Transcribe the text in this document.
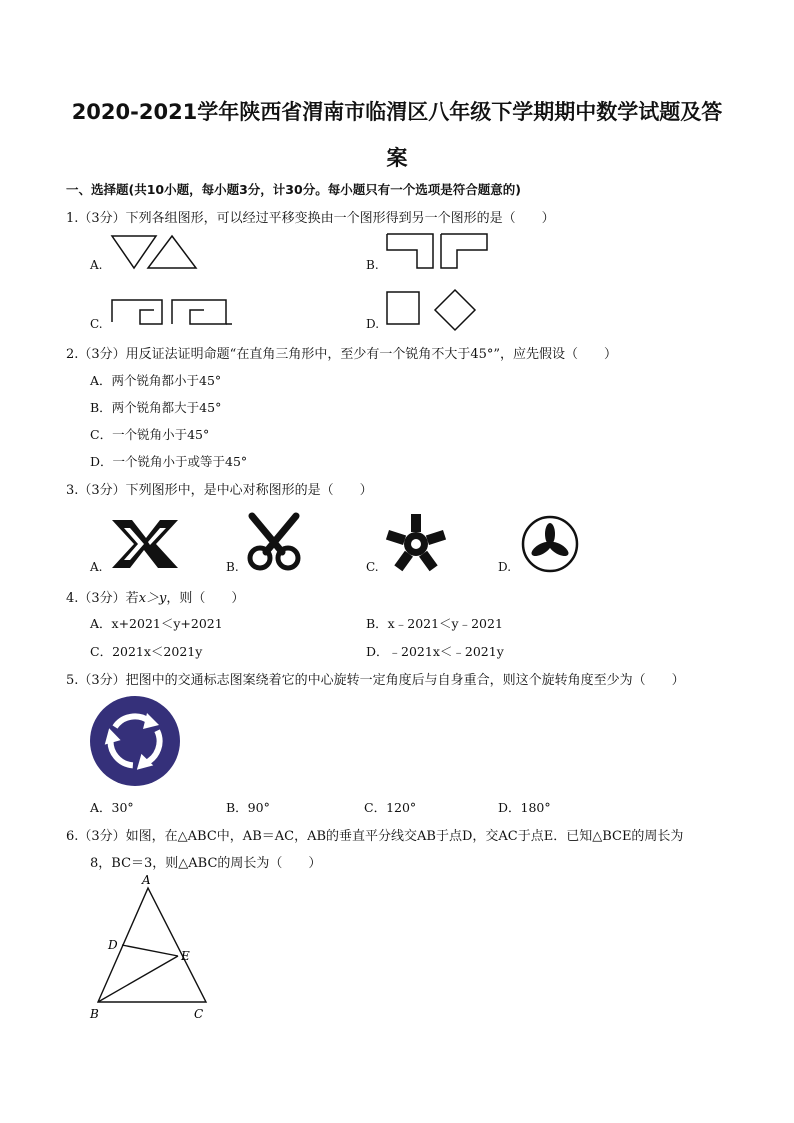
2020-2021学年陕西省渭南市临渭区八年级下学期期中数学试题及答
案
一、选择题(共10小题，每小题3分，计30分。每小题只有一个选项是符合题意的)
1.（3分）下列各组图形，可以经过平移变换由一个图形得到另一个图形的是（　　）
A.	B.
C.	D.
2.（3分）用反证法证明命题“在直角三角形中，至少有一个锐角不大于45°”，应先假设（　　）
A．两个锐角都小于45°
B．两个锐角都大于45°
C．一个锐角小于45°
D．一个锐角小于或等于45°
3.（3分）下列图形中，是中心对称图形的是（　　）
A.	B.	C.	D.
4.（3分）若x＞y，则（　　）
A．x+2021＜y+2021	B．x﹣2021＜y﹣2021
C．2021x＜2021y	D．﹣2021x＜﹣2021y
5.（3分）把图中的交通标志图案绕着它的中心旋转一定角度后与自身重合，则这个旋转角度至少为（　　）
A．30°	B．90°	C．120°	D．180°
6.（3分）如图，在△ABC中，AB＝AC，AB的垂直平分线交AB于点D，交AC于点E．已知△BCE的周长为
8，BC＝3，则△ABC的周长为（　　）
A
D
E
B	C
